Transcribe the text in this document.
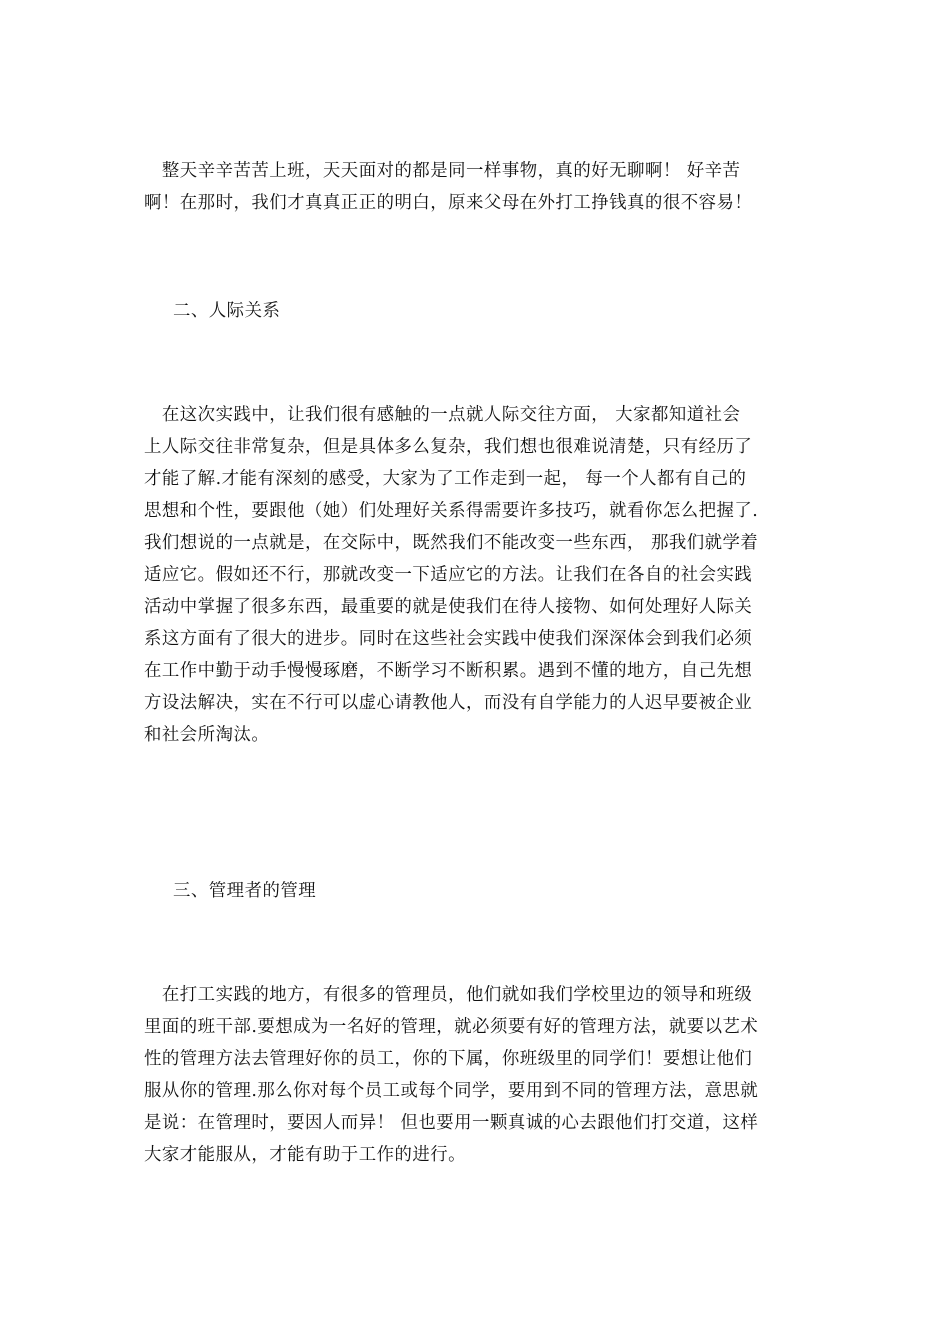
　整天辛辛苦苦上班，天天面对的都是同一样事物，真的好无聊啊！ 好辛苦
啊！在那时，我们才真真正正的明白，原来父母在外打工挣钱真的很不容易！
二、人际关系
　在这次实践中，让我们很有感触的一点就人际交往方面， 大家都知道社会
上人际交往非常复杂，但是具体多么复杂，我们想也很难说清楚，只有经历了
才能了解.才能有深刻的感受，大家为了工作走到一起， 每一个人都有自己的
思想和个性，要跟他（她）们处理好关系得需要许多技巧，就看你怎么把握了.
我们想说的一点就是，在交际中，既然我们不能改变一些东西， 那我们就学着
适应它。假如还不行，那就改变一下适应它的方法。让我们在各自的社会实践
活动中掌握了很多东西，最重要的就是使我们在待人接物、如何处理好人际关
系这方面有了很大的进步。同时在这些社会实践中使我们深深体会到我们必须
在工作中勤于动手慢慢琢磨，不断学习不断积累。遇到不懂的地方，自己先想
方设法解决，实在不行可以虚心请教他人，而没有自学能力的人迟早要被企业
和社会所淘汰。
三、管理者的管理
　在打工实践的地方，有很多的管理员，他们就如我们学校里边的领导和班级
里面的班干部.要想成为一名好的管理，就必须要有好的管理方法，就要以艺术
性的管理方法去管理好你的员工，你的下属，你班级里的同学们！要想让他们
服从你的管理.那么你对每个员工或每个同学，要用到不同的管理方法，意思就
是说：在管理时，要因人而异！ 但也要用一颗真诚的心去跟他们打交道，这样
大家才能服从，才能有助于工作的进行。
